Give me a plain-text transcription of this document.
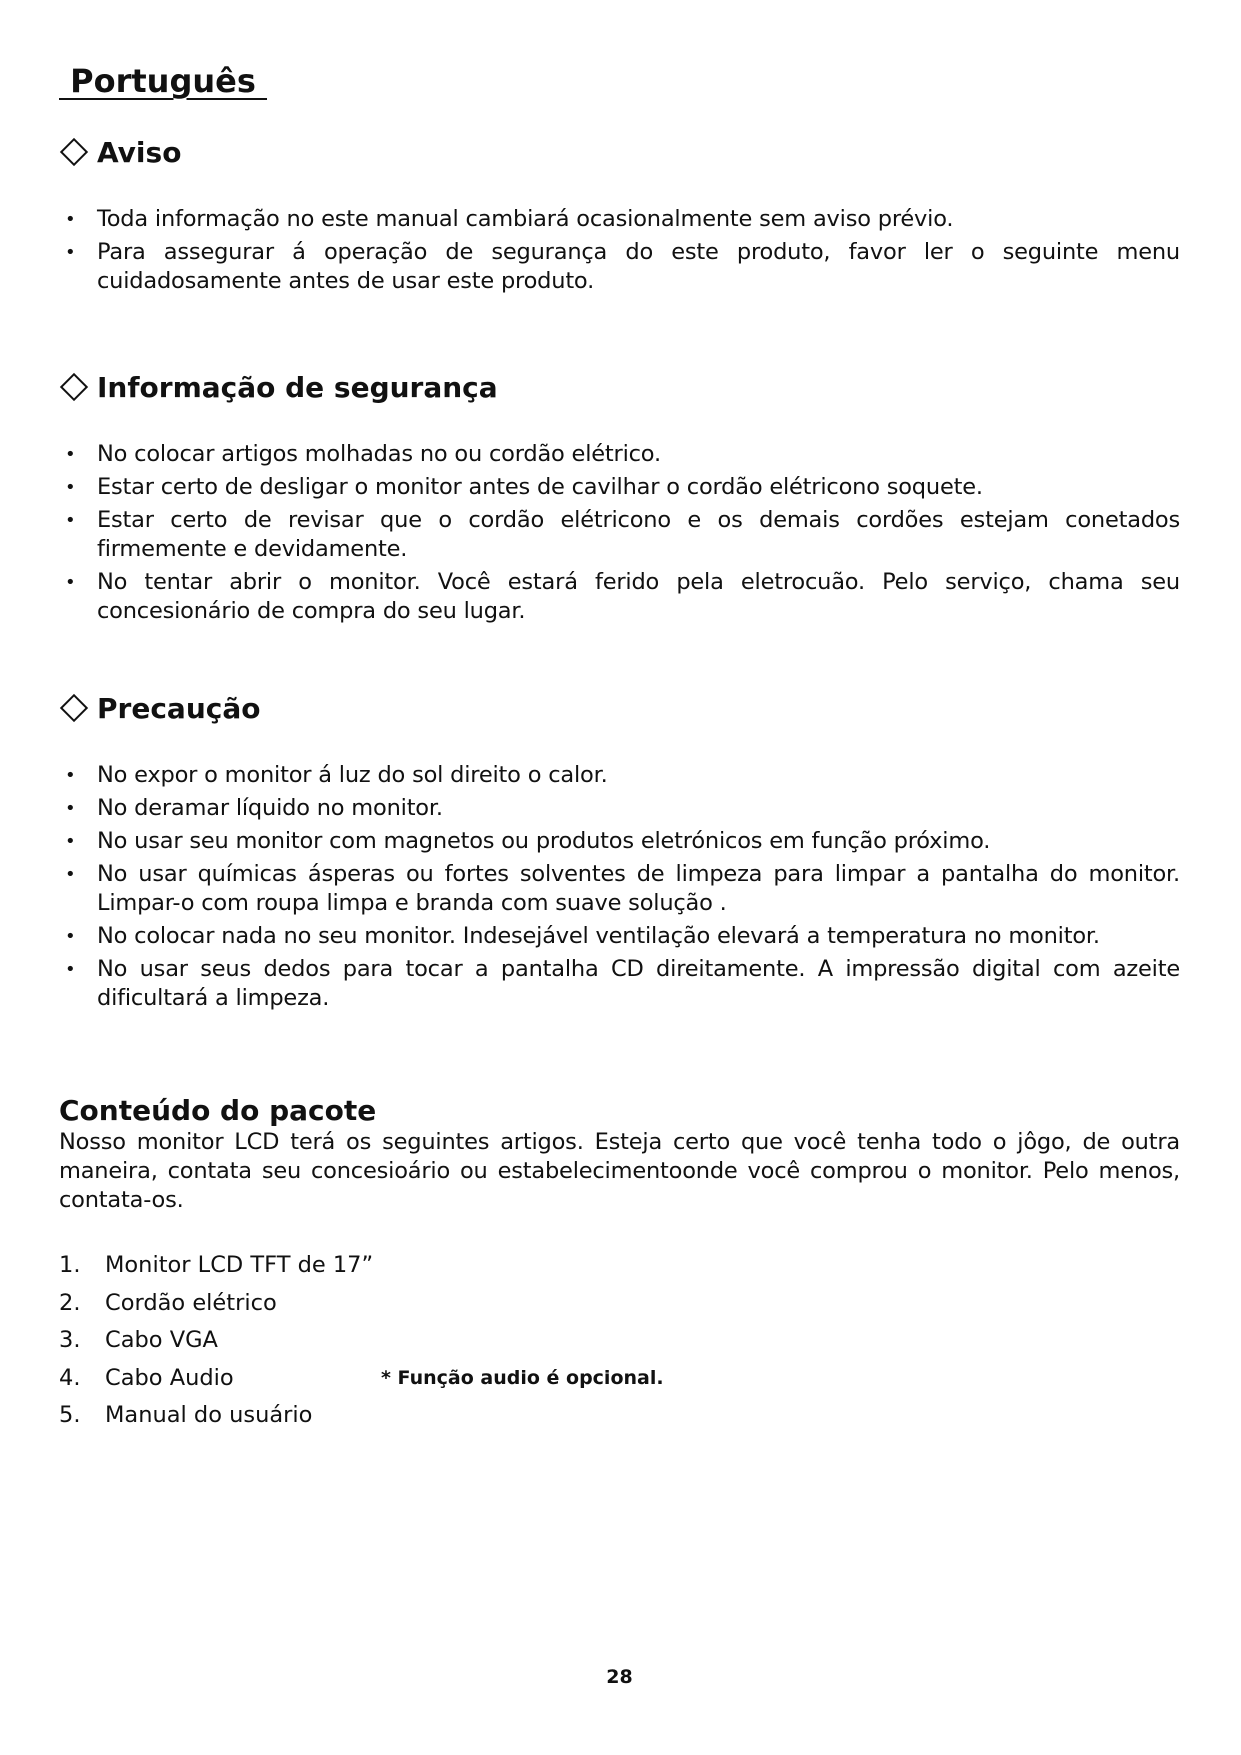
Português
Aviso
• Toda informação no este manual cambiará ocasionalmente sem aviso prévio.
• Para assegurar á operação de segurança do este produto, favor ler o seguinte menu cuidadosamente antes de usar este produto.
Informação de segurança
• No colocar artigos molhadas no ou cordão elétrico.
• Estar certo de desligar o monitor antes de cavilhar o cordão elétricono soquete.
• Estar certo de revisar que o cordão elétricono e os demais cordões estejam conetados firmemente e devidamente.
• No tentar abrir o monitor. Você estará ferido pela eletrocuão. Pelo serviço, chama seu concesionário de compra do seu lugar.
Precaução
• No expor o monitor á luz do sol direito o calor.
• No deramar líquido no monitor.
• No usar seu monitor com magnetos ou produtos eletrónicos em função próximo.
• No usar químicas ásperas ou fortes solventes de limpeza para limpar a pantalha do monitor. Limpar-o com roupa limpa e branda com suave solução .
• No colocar nada no seu monitor. Indesejável ventilação elevará a temperatura no monitor.
• No usar seus dedos para tocar a pantalha CD direitamente. A impressão digital com azeite dificultará a limpeza.
Conteúdo do pacote

Nosso monitor LCD terá os seguintes artigos. Esteja certo que você tenha todo o jôgo, de outra maneira, contata seu concesioário ou estabelecimentoonde você comprou o monitor. Pelo menos, contata-os.

1. Monitor LCD TFT de 17”
2. Cordão elétrico
3. Cabo VGA
4. Cabo Audio	* Função audio é opcional.
5. Manual do usuário
28
